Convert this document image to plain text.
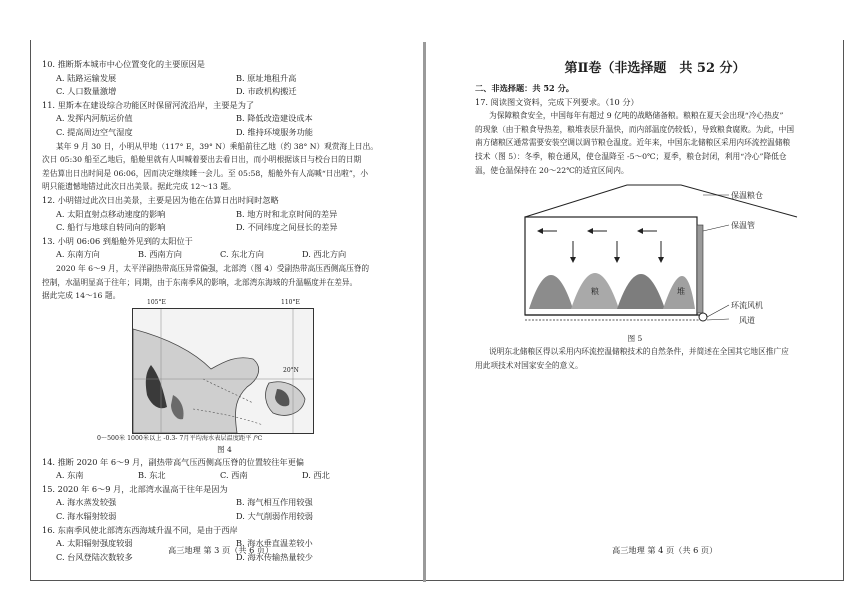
10. 推断斯本城市中心位置变化的主要原因是
A. 陆路运输发展	B. 原址地租升高
C. 人口数量激增	D. 市政机构搬迁
11. 里斯本在建设综合功能区时保留河流沿岸，主要是为了
A. 发挥内河航运价值	B. 降低改造建设成本
C. 提高周边空气湿度	D. 维持环境服务功能
某年 9 月 30 日，小明从甲地（117° E，39° N）乘船前往乙地（约 38° N）观赏海上日出。
次日 05:30 船至乙地后，船舱里就有人叫喊着要出去看日出，而小明根据该日与校台日的日期
差估算出日出时间是 06:06，因而决定继续睡一会儿。至 05:58，船舱外有人高喊“日出啦”，小
明只能遗憾地错过此次日出美景。据此完成 12～13 题。
12. 小明错过此次日出美景，主要是因为他在估算日出时间时忽略
A. 太阳直射点移动速度的影响	B. 地方时和北京时间的差异
C. 船行与地球自转同向的影响	D. 不同纬度之间昼长的差异
13. 小明 06:06 到船舱外见到的太阳位于
A. 东南方向	B. 西南方向	C. 东北方向	D. 西北方向
2020 年 6～9 月，太平洋副热带高压异常偏强，北部湾（图 4）受副热带高压西侧高压脊的
控制，水温明显高于往年；同期，由于东南季风的影响，北部湾东海域的升温幅度并在差异。
据此完成 14～16 题。
105°E	110°E
20°N
0～500米 1000米以上 -0.3- 7月平均海水表层温度距平 /℃
图 4
14. 推断 2020 年 6～9 月，副热带高气压西侧高压脊的位置较往年更偏
A. 东南	B. 东北	C. 西南	D. 西北
15. 2020 年 6～9 月，北部湾水温高于往年是因为
A. 海水蒸发较强	B. 海气相互作用较强
C. 海水辐射较弱	D. 大气削弱作用较弱
16. 东南季风使北部湾东西海域升温不同，是由于西岸
A. 太阳辐射强度较弱	B. 海水垂直温差较小
C. 台风登陆次数较多	D. 海水传输热量较少
高三地理 第 3 页（共 6 页）
第Ⅱ卷（非选择题　共 52 分）
二、非选择题：共 52 分。
17. 阅读图文资料，完成下列要求。（10 分）
为保障粮食安全，中国每年有超过 9 亿吨的战略储备粮。粮粮在夏天会出现“冷心热皮”
的现象（由于粮食导热差，粮堆表层升温快，而内部温度仍较低），导致粮食腐败。为此，中国
南方储粮区通常需要安装空调以调节粮仓温度。近年来，中国东北储粮区采用内环流控温储粮
技术（图 5）：冬季，粮仓通风，使仓温降至 -5～0℃；夏季，粮仓封闭，利用“冷心”降低仓
温，使仓温保持在 20～22℃的适宜区间内。
保温粮仓
保温管
环流风机
风道
粮	堆
图 5
说明东北储粮区得以采用内环流控温储粮技术的自然条件，并简述在全国其它地区推广应
用此项技术对国家安全的意义。
高三地理 第 4 页（共 6 页）
